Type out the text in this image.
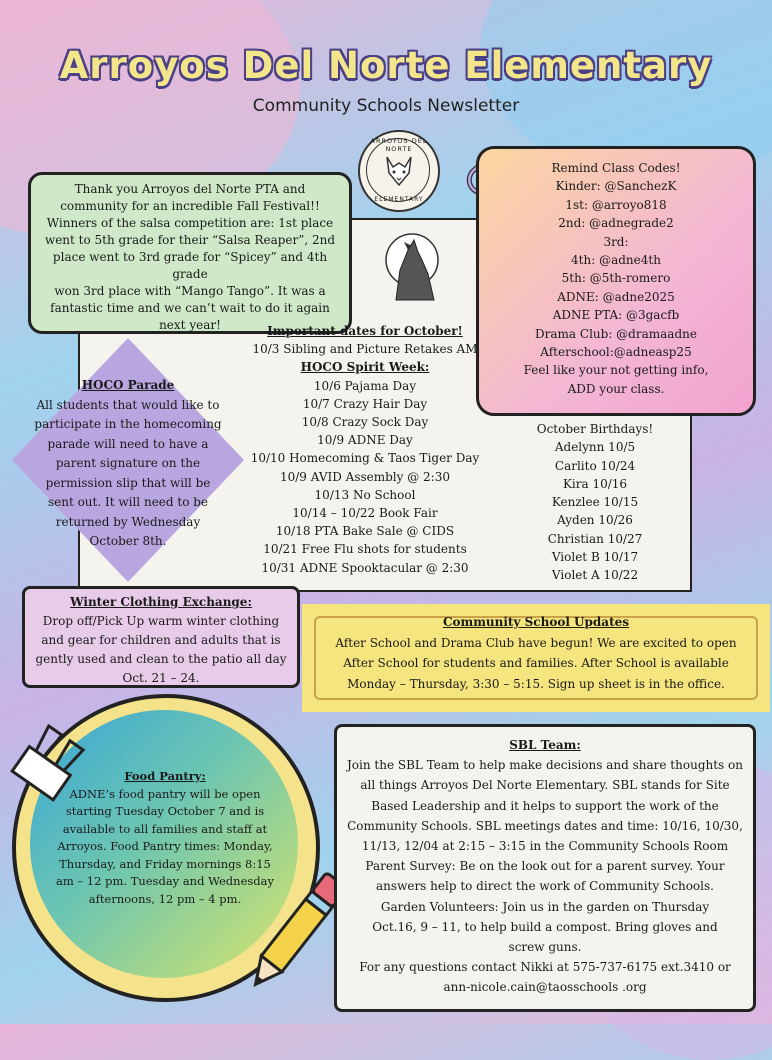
Arroyos Del Norte Elementary
Community Schools Newsletter
ARROYOS DEL NORTE
ELEMENTARY
Thank you Arroyos del Norte PTA and
community for an incredible Fall Festival!!
Winners of the salsa competition are: 1st place
went to 5th grade for their “Salsa Reaper”, 2nd
place went to 3rd grade for “Spicey” and 4th grade
won 3rd place with “Mango Tango”. It was a
fantastic time and we can’t wait to do it again
next year!
Remind Class Codes!
Kinder: @SanchezK
1st: @arroyo818
2nd: @adnegrade2
3rd:
4th: @adne4th
5th: @5th-romero
ADNE: @adne2025
ADNE PTA: @3gacfb
Drama Club: @dramaadne
Afterschool:@adneasp25
Feel like your not getting info,
ADD your class.
Important dates for October!
10/3 Sibling and Picture Retakes AM
HOCO Spirit Week:
10/6 Pajama Day
10/7 Crazy Hair Day
10/8 Crazy Sock Day
10/9 ADNE Day
10/10 Homecoming & Taos Tiger Day
10/9 AVID Assembly @ 2:30
10/13 No School
10/14 – 10/22 Book Fair
10/18 PTA Bake Sale @ CIDS
10/21 Free Flu shots for students
10/31 ADNE Spooktacular @ 2:30
October Birthdays!
Adelynn 10/5
Carlito 10/24
Kira 10/16
Kenzlee 10/15
Ayden 10/26
Christian 10/27
Violet B 10/17
Violet A 10/22
HOCO Parade
All students that would like to
participate in the homecoming
parade will need to have a
parent signature on the
permission slip that will be
sent out. It will need to be
returned by Wednesday
October 8th.
Winter Clothing Exchange:
Drop off/Pick Up warm winter clothing
and gear for children and adults that is
gently used and clean to the patio all day
Oct. 21 – 24.
Community School Updates
After School and Drama Club have begun! We are excited to open
After School for students and families. After School is available
Monday – Thursday, 3:30 – 5:15. Sign up sheet is in the office.
Food Pantry:
ADNE’s food pantry will be open
starting Tuesday October 7 and is
available to all families and staff at
Arroyos. Food Pantry times: Monday,
Thursday, and Friday mornings 8:15
am – 12 pm. Tuesday and Wednesday
afternoons, 12 pm – 4 pm.
SBL Team:
Join the SBL Team to help make decisions and share thoughts on
all things Arroyos Del Norte Elementary. SBL stands for Site
Based Leadership and it helps to support the work of the
Community Schools. SBL meetings dates and time: 10/16, 10/30,
11/13, 12/04 at 2:15 – 3:15 in the Community Schools Room
Parent Survey: Be on the look out for a parent survey. Your
answers help to direct the work of Community Schools.
Garden Volunteers: Join us in the garden on Thursday
Oct.16, 9 – 11, to help build a compost. Bring gloves and
screw guns.
For any questions contact Nikki at 575-737-6175 ext.3410 or
ann-nicole.cain@taosschools .org
